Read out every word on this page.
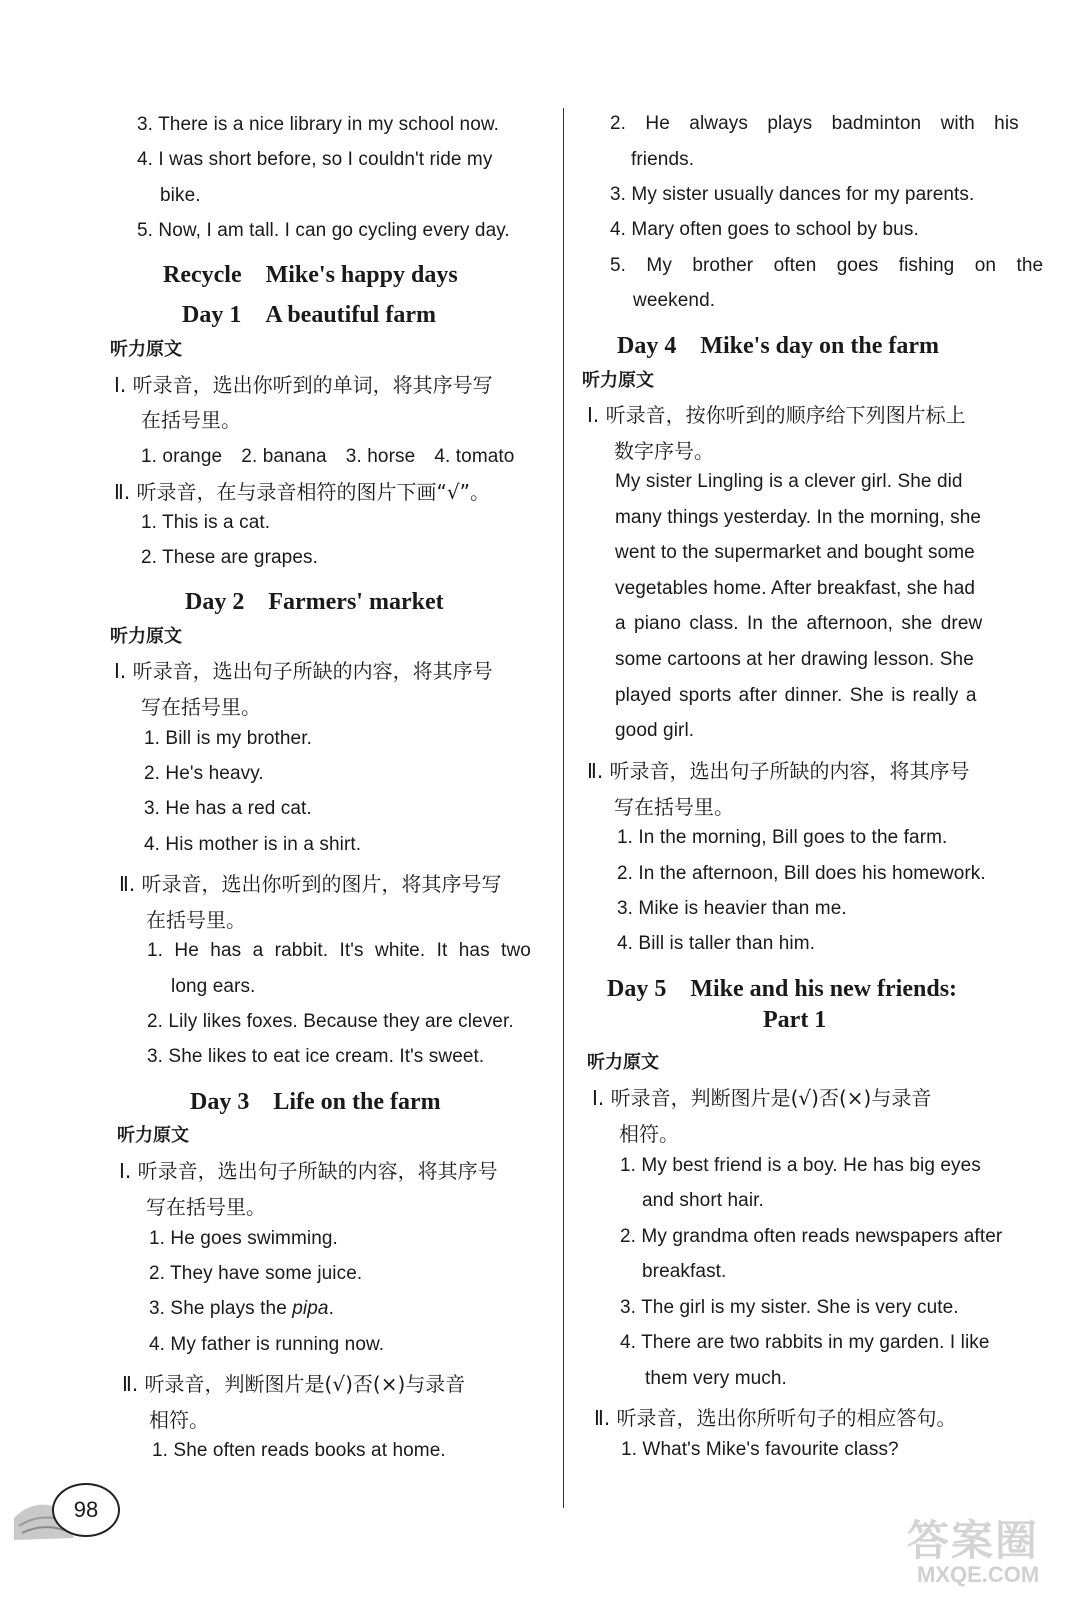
3. There is a nice library in my school now.
4. I was short before, so I couldn't ride my
bike.
5. Now, I am tall. I can go cycling every day.
Recycle　Mike's happy days
Day 1　A beautiful farm
听力原文
Ⅰ. 听录音，选出你听到的单词，将其序号写
在括号里。
1. orange　2. banana　3. horse　4. tomato
Ⅱ. 听录音，在与录音相符的图片下画“√”。
1. This is a cat.
2. These are grapes.
Day 2　Farmers' market
听力原文
Ⅰ. 听录音，选出句子所缺的内容，将其序号
写在括号里。
1. Bill is my brother.
2. He's heavy.
3. He has a red cat.
4. His mother is in a shirt.
Ⅱ. 听录音，选出你听到的图片，将其序号写
在括号里。
1. He has a rabbit. It's white. It has two
long ears.
2. Lily likes foxes. Because they are clever.
3. She likes to eat ice cream. It's sweet.
Day 3　Life on the farm
听力原文
Ⅰ. 听录音，选出句子所缺的内容，将其序号
写在括号里。
1. He goes swimming.
2. They have some juice.
3. She plays the pipa.
4. My father is running now.
Ⅱ. 听录音，判断图片是(√)否(×)与录音
相符。
1. She often reads books at home.
2. He always plays badminton with his
friends.
3. My sister usually dances for my parents.
4. Mary often goes to school by bus.
5. My brother often goes fishing on the
weekend.
Day 4　Mike's day on the farm
听力原文
Ⅰ. 听录音，按你听到的顺序给下列图片标上
数字序号。
My sister Lingling is a clever girl. She did
many things yesterday. In the morning, she
went to the supermarket and bought some
vegetables home. After breakfast, she had
a piano class. In the afternoon, she drew
some cartoons at her drawing lesson. She
played sports after dinner. She is really a
good girl.
Ⅱ. 听录音，选出句子所缺的内容，将其序号
写在括号里。
1. In the morning, Bill goes to the farm.
2. In the afternoon, Bill does his homework.
3. Mike is heavier than me.
4. Bill is taller than him.
Day 5　Mike and his new friends:
Part 1
听力原文
Ⅰ. 听录音，判断图片是(√)否(×)与录音
相符。
1. My best friend is a boy. He has big eyes
and short hair.
2. My grandma often reads newspapers after
breakfast.
3. The girl is my sister. She is very cute.
4. There are two rabbits in my garden. I like
them very much.
Ⅱ. 听录音，选出你所听句子的相应答句。
1. What's Mike's favourite class?
98
答案圈
MXQE.COM
